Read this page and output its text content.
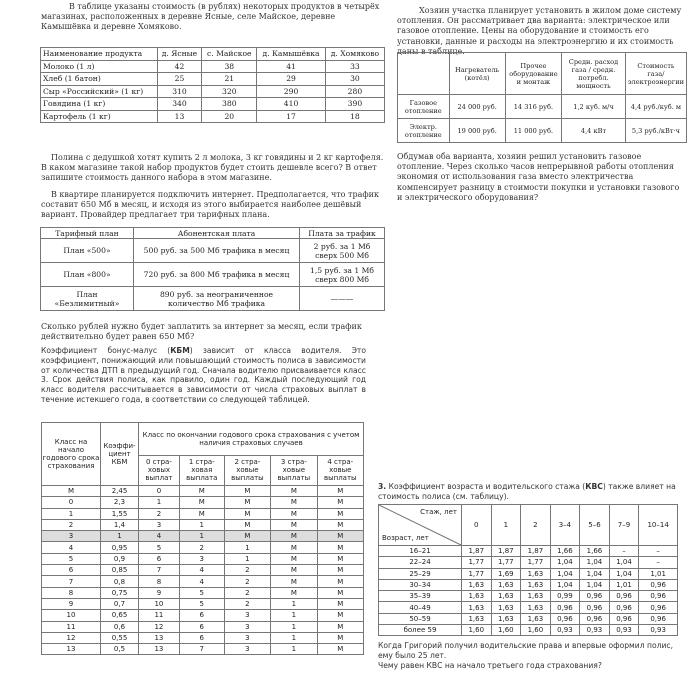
В таблице указаны стоимость (в рублях) некоторых продуктов в четырёх магазинах, расположенных в деревне Ясные, селе Майское, деревне Камышёвка и деревне Хомяково.
Наименование продукта	д. Ясные	с. Майское	д. Камышёвка	д. Хомяково
Молоко (1 л)	42	38	41	33
Хлеб (1 батон)	25	21	29	30
Сыр «Российский» (1 кг)	310	320	290	280
Говядина (1 кг)	340	380	410	390
Картофель (1 кг)	13	20	17	18
Полина с дедушкой хотят купить 2 л молока, 3 кг говядины и 2 кг картофеля. В каком магазине такой набор продуктов будет стоить дешевле всего? В ответ запишите стоимость данного набора в этом магазине.
В квартире планируется подключить интернет. Предполагается, что трафик составит 650 Мб в месяц, и исходя из этого выбирается наиболее дешёвый вариант. Провайдер предлагает три тарифных плана.
Тарифный план	Абонентская плата	Плата за трафик
План «500»	500 руб. за 500 Мб трафика в месяц	2 руб. за 1 Мб сверх 500 Мб
План «800»	720 руб. за 800 Мб трафика в месяц	1,5 руб. за 1 Мб сверх 800 Мб
План «Безлимитный»	890 руб. за неограниченное количество Мб трафика	———
Сколько рублей нужно будет заплатить за интернет за месяц, если трафик действительно будет равен 650 Мб?
Коэффициент бонус-малус (КБМ) зависит от класса водителя. Это коэффициент, понижающий или повышающий стоимость полиса в зависимости от количества ДТП в предыдущий год. Сначала водителю присваивается класс 3. Срок действия полиса, как правило, один год. Каждый последующий год класс водителя рассчитывается в зависимости от числа страховых выплат в течение истекшего года, в соответствии со следующей таблицей.
Класс на начало годового срока страхования	Коэффи-циент КБМ	Класс по окончании годового срока страхования с учетом наличия страховых случаев				
		0 стра-ховых выплат	1 стра-ховая выплата	2 стра-ховые выплаты	3 стра-ховые выплаты	4 стра-ховые выплаты
М	2,45	0	М	М	М	М
0	2,3	1	М	М	М	М
1	1,55	2	М	М	М	М
2	1,4	3	1	М	М	М
3	1	4	1	М	М	М
4	0,95	5	2	1	М	М
5	0,9	6	3	1	М	М
6	0,85	7	4	2	М	М
7	0,8	8	4	2	М	М
8	0,75	9	5	2	М	М
9	0,7	10	5	2	1	М
10	0,65	11	6	3	1	М
11	0,6	12	6	3	1	М
12	0,55	13	6	3	1	М
13	0,5	13	7	3	1	М
Хозяин участка планирует установить в жилом доме систему отопления. Он рассматривает два варианта: электрическое или газовое отопление. Цены на оборудование и стоимость его установки, данные и расходы на электроэнергию и их стоимость даны в таблице.
	Нагреватель (котёл)	Прочее оборудование и монтаж	Средн. расход газа / средн. потребл. мощность	Стоимость газа/электроэнергии
Газовое отопление	24 000 руб.	14 316 руб.	1,2 куб. м/ч	4,4 руб./куб. м
Электр. отопление	19 000 руб.	11 000 руб.	4,4 кВт	5,3 руб./кВт·ч
Обдумав оба варианта, хозяин решил установить газовое отопление. Через сколько часов непрерывной работы отопления экономия от использования газа вместо электричества компенсирует разницу в стоимости покупки и установки газового и электрического оборудования?
3. Коэффициент возраста и водительского стажа (КВС) также влияет на стоимость полиса (см. таблицу).
Стаж, лет
Возраст, лет	0	1	2	3–4	5–6	7–9	10–14
16–21	1,87	1,87	1,87	1,66	1,66	–	–
22–24	1,77	1,77	1,77	1,04	1,04	1,04	–
25–29	1,77	1,69	1,63	1,04	1,04	1,04	1,01
30–34	1,63	1,63	1,63	1,04	1,04	1,01	0,96
35–39	1,63	1,63	1,63	0,99	0,96	0,96	0,96
40–49	1,63	1,63	1,63	0,96	0,96	0,96	0,96
50–59	1,63	1,63	1,63	0,96	0,96	0,96	0,96
более 59	1,60	1,60	1,60	0,93	0,93	0,93	0,93
Когда Григорий получил водительские права и впервые оформил полис, ему было 25 лет.
Чему равен КВС на начало третьего года страхования?
